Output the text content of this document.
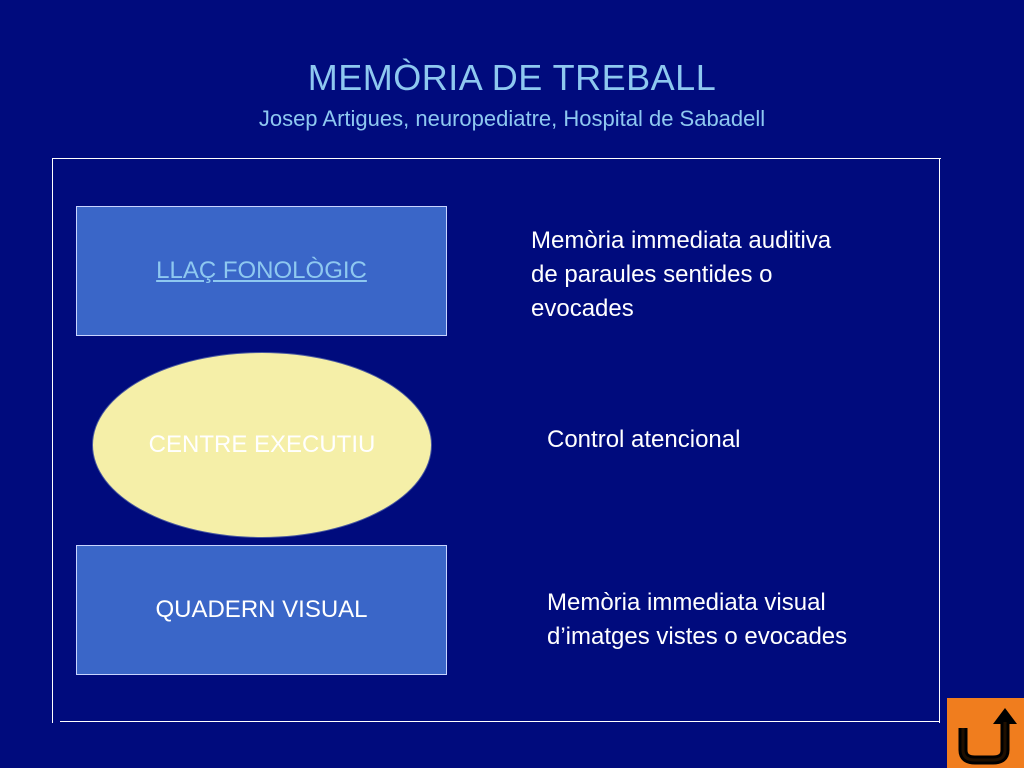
MEMÒRIA DE TREBALL
Josep Artigues, neuropediatre, Hospital de Sabadell
LLAÇ FONOLÒGIC
CENTRE EXECUTIU
QUADERN VISUAL
Memòria immediata auditiva
de paraules sentides o
evocades
Control atencional
Memòria immediata visual
d’imatges vistes o evocades
